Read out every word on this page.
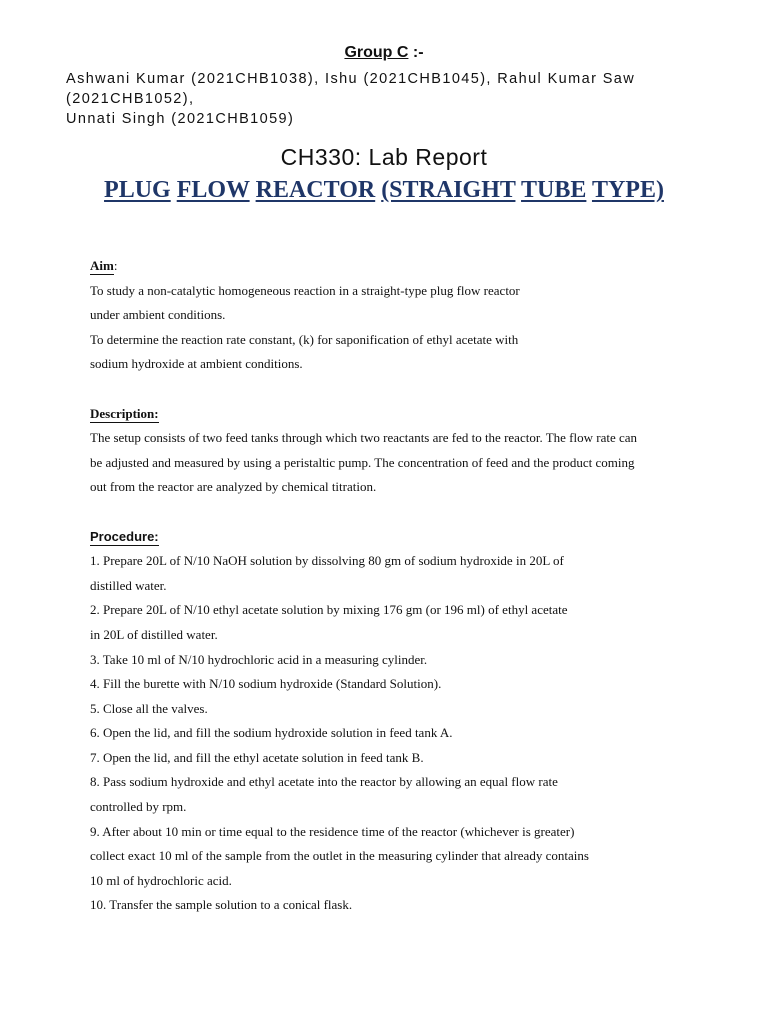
Group C :-
Ashwani Kumar (2021CHB1038), Ishu (2021CHB1045), Rahul Kumar Saw (2021CHB1052),
Unnati Singh (2021CHB1059)
CH330: Lab Report
PLUG FLOW REACTOR (STRAIGHT TUBE TYPE)
Aim:

To study a non-catalytic homogeneous reaction in a straight-type plug flow reactor

under ambient conditions.

To determine the reaction rate constant, (k) for saponification of ethyl acetate with

sodium hydroxide at ambient conditions.

Description:

The setup consists of two feed tanks through which two reactants are fed to the reactor. The flow rate can

be adjusted and measured by using a peristaltic pump. The concentration of feed and the product coming

out from the reactor are analyzed by chemical titration.

Procedure:

1. Prepare 20L of N/10 NaOH solution by dissolving 80 gm of sodium hydroxide in 20L of

distilled water.

2. Prepare 20L of N/10 ethyl acetate solution by mixing 176 gm (or 196 ml) of ethyl acetate

in 20L of distilled water.

3. Take 10 ml of N/10 hydrochloric acid in a measuring cylinder.

4. Fill the burette with N/10 sodium hydroxide (Standard Solution).

5. Close all the valves.

6. Open the lid, and fill the sodium hydroxide solution in feed tank A.

7. Open the lid, and fill the ethyl acetate solution in feed tank B.

8. Pass sodium hydroxide and ethyl acetate into the reactor by allowing an equal flow rate

controlled by rpm.

9. After about 10 min or time equal to the residence time of the reactor (whichever is greater)

collect exact 10 ml of the sample from the outlet in the measuring cylinder that already contains

10 ml of hydrochloric acid.

10. Transfer the sample solution to a conical flask.
